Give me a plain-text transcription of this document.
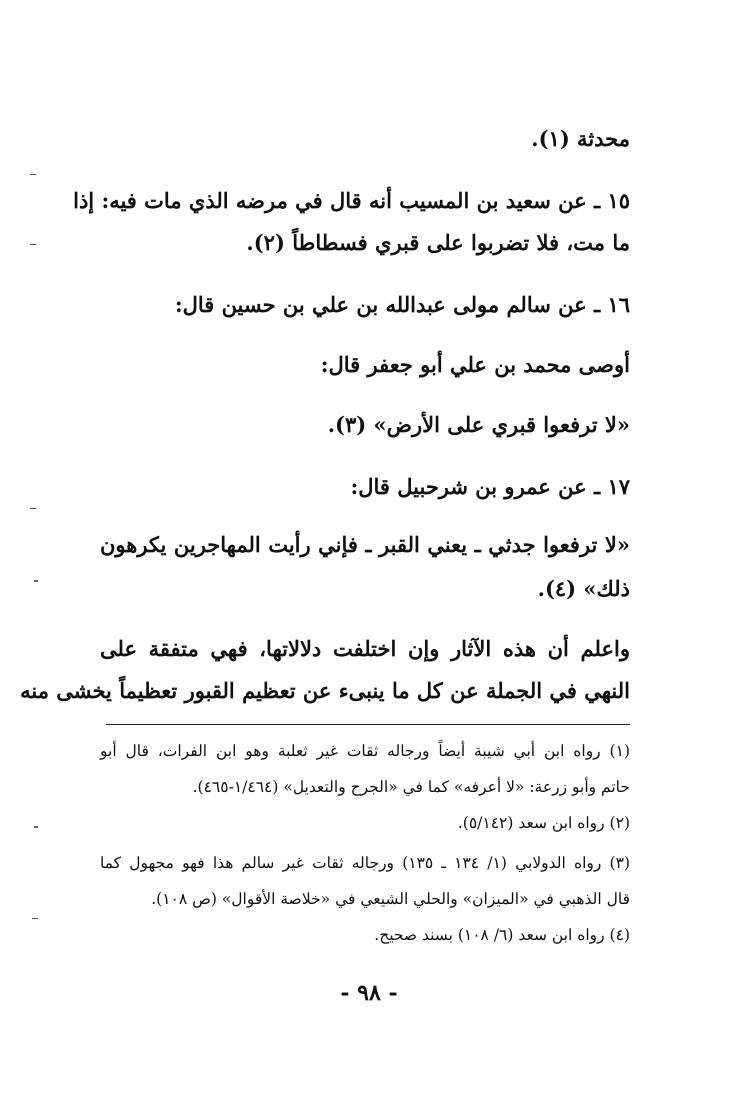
محدثة (١).
١٥ ـ عن سعيد بن المسيب أنه قال في مرضه الذي مات فيه: إذا
ما مت، فلا تضربوا على قبري فسطاطاً (٢).
١٦ ـ عن سالم مولى عبدالله بن علي بن حسين قال:
أوصى محمد بن علي أبو جعفر قال:
«لا ترفعوا قبري على الأرض» (٣).
١٧ ـ عن عمرو بن شرحبيل قال:
«لا ترفعوا جدثي ـ يعني القبر ـ فإني رأيت المهاجرين يكرهون
ذلك» (٤).
واعلم أن هذه الآثار وإن اختلفت دلالاتها، فهي متفقة على
النهي في الجملة عن كل ما ينبىء عن تعظيم القبور تعظيماً يخشى منه
(١) رواه ابن أبي شيبة أيضاً ورجاله ثقات غير ثعلبة وهو ابن الفرات، قال أبو
حاتم وأبو زرعة: «لا أعرفه» كما في «الجرح والتعديل» (١/٤٦٤-٤٦٥).
(٢) رواه ابن سعد (٥/١٤٢).
(٣) رواه الدولابي (١/ ١٣٤ ـ ١٣٥) ورجاله ثقات غير سالم هذا فهو مجهول كما
قال الذهبي في «الميزان» والحلي الشيعي في «خلاصة الأقوال» (ص ١٠٨).
(٤) رواه ابن سعد (٦/ ١٠٨) بسند صحيح.
- ٩٨ -
